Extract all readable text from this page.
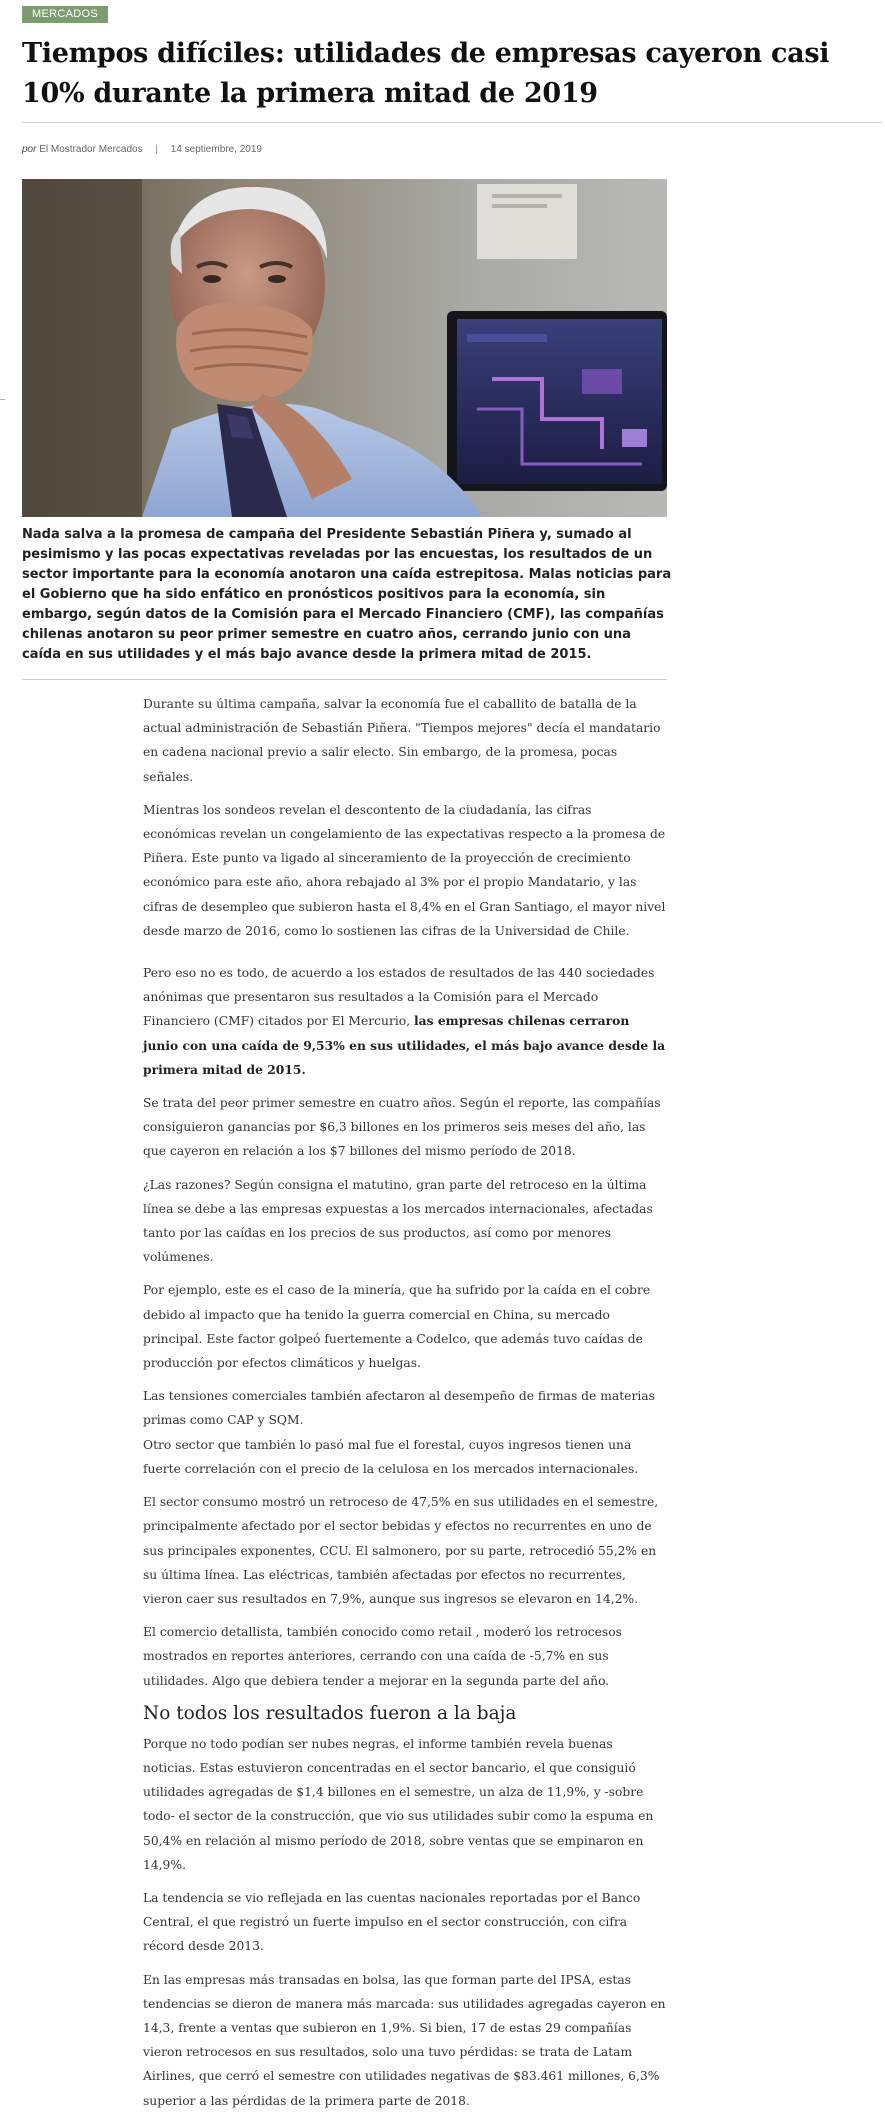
MERCADOS
Tiempos difíciles: utilidades de empresas cayeron casi 10% durante la primera mitad de 2019
por El Mostrador Mercados | 14 septiembre, 2019

Nada salva a la promesa de campaña del Presidente Sebastián Piñera y, sumado al pesimismo y las pocas expectativas reveladas por las encuestas, los resultados de un sector importante para la economía anotaron una caída estrepitosa. Malas noticias para el Gobierno que ha sido enfático en pronósticos positivos para la economía, sin embargo, según datos de la Comisión para el Mercado Financiero (CMF), las compañías chilenas anotaron su peor primer semestre en cuatro años, cerrando junio con una caída en sus utilidades y el más bajo avance desde la primera mitad de 2015.

Durante su última campaña, salvar la economía fue el caballito de batalla de la actual administración de Sebastián Piñera. "Tiempos mejores" decía el mandatario en cadena nacional previo a salir electo. Sin embargo, de la promesa, pocas señales.

Mientras los sondeos revelan el descontento de la ciudadanía, las cifras económicas revelan un congelamiento de las expectativas respecto a la promesa de Piñera. Este punto va ligado al sinceramiento de la proyección de crecimiento económico para este año, ahora rebajado al 3% por el propio Mandatario, y las cifras de desempleo que subieron hasta el 8,4% en el Gran Santiago, el mayor nivel desde marzo de 2016, como lo sostienen las cifras de la Universidad de Chile.

Pero eso no es todo, de acuerdo a los estados de resultados de las 440 sociedades anónimas que presentaron sus resultados a la Comisión para el Mercado Financiero (CMF) citados por El Mercurio, las empresas chilenas cerraron junio con una caída de 9,53% en sus utilidades, el más bajo avance desde la primera mitad de 2015.

Se trata del peor primer semestre en cuatro años. Según el reporte, las compañías consiguieron ganancias por $6,3 billones en los primeros seis meses del año, las que cayeron en relación a los $7 billones del mismo período de 2018.

¿Las razones? Según consigna el matutino, gran parte del retroceso en la última línea se debe a las empresas expuestas a los mercados internacionales, afectadas tanto por las caídas en los precios de sus productos, así como por menores volúmenes.

Por ejemplo, este es el caso de la minería, que ha sufrido por la caída en el cobre debido al impacto que ha tenido la guerra comercial en China, su mercado principal. Este factor golpeó fuertemente a Codelco, que además tuvo caídas de producción por efectos climáticos y huelgas.

Las tensiones comerciales también afectaron al desempeño de firmas de materias primas como CAP y SQM.

Otro sector que también lo pasó mal fue el forestal, cuyos ingresos tienen una fuerte correlación con el precio de la celulosa en los mercados internacionales.

El sector consumo mostró un retroceso de 47,5% en sus utilidades en el semestre, principalmente afectado por el sector bebidas y efectos no recurrentes en uno de sus principales exponentes, CCU. El salmonero, por su parte, retrocedió 55,2% en su última línea. Las eléctricas, también afectadas por efectos no recurrentes, vieron caer sus resultados en 7,9%, aunque sus ingresos se elevaron en 14,2%.

El comercio detallista, también conocido como retail , moderó los retrocesos mostrados en reportes anteriores, cerrando con una caída de -5,7% en sus utilidades. Algo que debiera tender a mejorar en la segunda parte del año.

No todos los resultados fueron a la baja

Porque no todo podían ser nubes negras, el informe también revela buenas noticias. Estas estuvieron concentradas en el sector bancario, el que consiguió utilidades agregadas de $1,4 billones en el semestre, un alza de 11,9%, y -sobre todo- el sector de la construcción, que vio sus utilidades subir como la espuma en 50,4% en relación al mismo período de 2018, sobre ventas que se empinaron en 14,9%.

La tendencia se vio reflejada en las cuentas nacionales reportadas por el Banco Central, el que registró un fuerte impulso en el sector construcción, con cifra récord desde 2013.

En las empresas más transadas en bolsa, las que forman parte del IPSA, estas tendencias se dieron de manera más marcada: sus utilidades agregadas cayeron en 14,3, frente a ventas que subieron en 1,9%. Si bien, 17 de estas 29 compañías vieron retrocesos en sus resultados, solo una tuvo pérdidas: se trata de Latam Airlines, que cerró el semestre con utilidades negativas de $83.461 millones, 6,3% superior a las pérdidas de la primera parte de 2018.
